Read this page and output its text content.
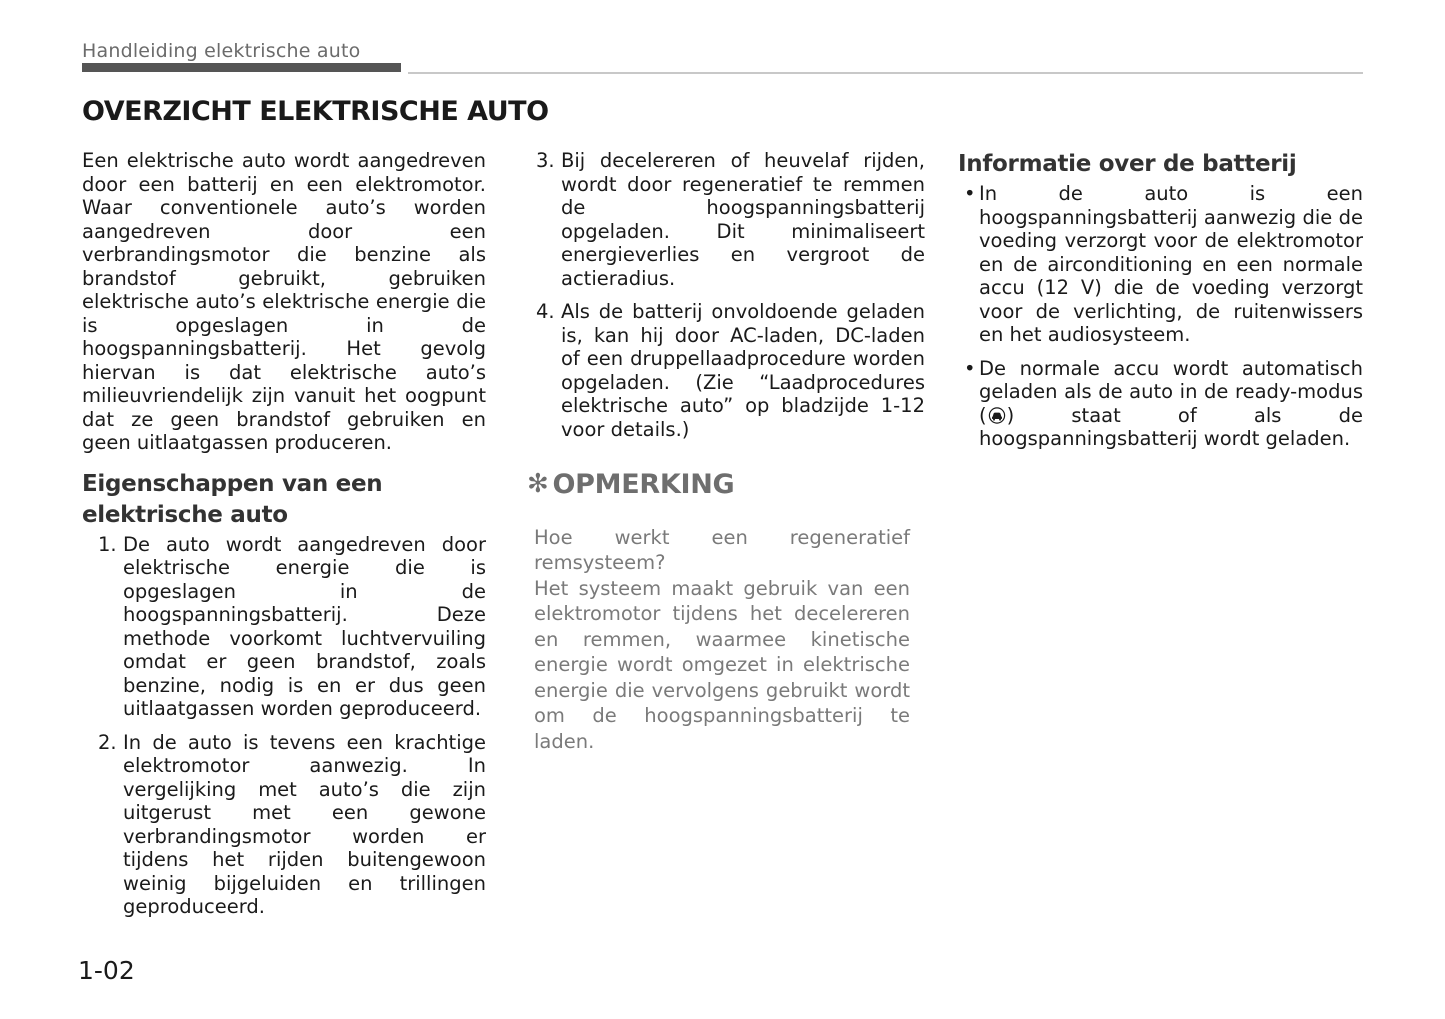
Handleiding elektrische auto
OVERZICHT ELEKTRISCHE AUTO

Een elektrische auto wordt aangedreven door een batterij en een elektromotor. Waar conventionele auto’s worden aangedreven door een verbrandingsmotor die benzine als brandstof gebruikt, gebruiken elektrische auto’s elektrische energie die is opgeslagen in de hoogspanningsbatterij. Het gevolg hiervan is dat elektrische auto’s milieuvriendelijk zijn vanuit het oogpunt dat ze geen brandstof gebruiken en geen uitlaatgassen produceren.

Eigenschappen van een elektrische auto
1. De auto wordt aangedreven door elektrische energie die is opgeslagen in de hoogspanningsbatterij. Deze methode voorkomt luchtvervuiling omdat er geen brandstof, zoals benzine, nodig is en er dus geen uitlaatgassen worden geproduceerd.
2. In de auto is tevens een krachtige elektromotor aanwezig. In vergelijking met auto’s die zijn uitgerust met een gewone verbrandingsmotor worden er tijdens het rijden buitengewoon weinig bijgeluiden en trillingen geproduceerd.
3. Bij decelereren of heuvelaf rijden, wordt door regeneratief te remmen de hoogspanningsbatterij opgeladen. Dit minimaliseert energieverlies en vergroot de actieradius.
4. Als de batterij onvoldoende geladen is, kan hij door AC-laden, DC-laden of een druppellaadprocedure worden opgeladen. (Zie “Laadprocedures elektrische auto” op bladzijde 1-12 voor details.)
✻ OPMERKING

Hoe werkt een regeneratief remsysteem?

Het systeem maakt gebruik van een elektromotor tijdens het decelereren en remmen, waarmee kinetische energie wordt omgezet in elektrische energie die vervolgens gebruikt wordt om de hoogspanningsbatterij te laden.

Informatie over de batterij
• In de auto is een hoogspanningsbatterij aanwezig die de voeding verzorgt voor de elektromotor en de airconditioning en een normale accu (12 V) die de voeding verzorgt voor de verlichting, de ruitenwissers en het audiosysteem.
• De normale accu wordt automatisch geladen als de auto in de ready-modus ( ) staat of als de hoogspanningsbatterij wordt geladen.
1-02
